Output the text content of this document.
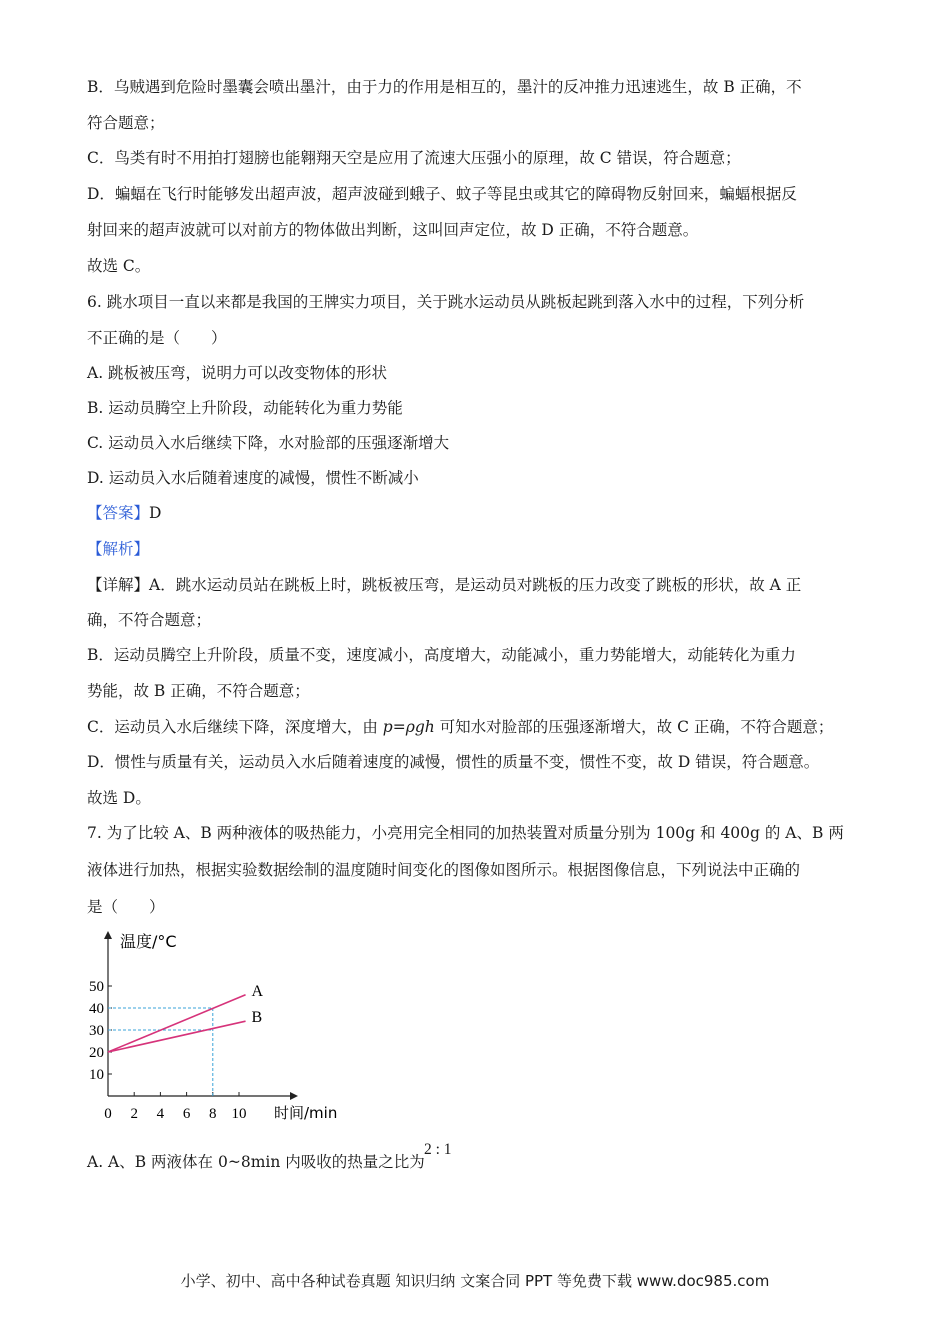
B．乌贼遇到危险时墨囊会喷出墨汁，由于力的作用是相互的，墨汁的反冲推力迅速逃生，故 B 正确，不
符合题意；
C．鸟类有时不用拍打翅膀也能翱翔天空是应用了流速大压强小的原理，故 C 错误，符合题意；
D．蝙蝠在飞行时能够发出超声波，超声波碰到蛾子、蚊子等昆虫或其它的障碍物反射回来，蝙蝠根据反
射回来的超声波就可以对前方的物体做出判断，这叫回声定位，故 D 正确，不符合题意。
故选 C。
6. 跳水项目一直以来都是我国的王牌实力项目，关于跳水运动员从跳板起跳到落入水中的过程，下列分析
不正确的是（　　）
A. 跳板被压弯，说明力可以改变物体的形状
B. 运动员腾空上升阶段，动能转化为重力势能
C. 运动员入水后继续下降，水对脸部的压强逐渐增大
D. 运动员入水后随着速度的减慢，惯性不断减小
【答案】D
【解析】
【详解】A．跳水运动员站在跳板上时，跳板被压弯，是运动员对跳板的压力改变了跳板的形状，故 A 正
确，不符合题意；
B．运动员腾空上升阶段，质量不变，速度减小，高度增大，动能减小，重力势能增大，动能转化为重力
势能，故 B 正确，不符合题意；
C．运动员入水后继续下降，深度增大，由 p=ρgh 可知水对脸部的压强逐渐增大，故 C 正确，不符合题意；
D．惯性与质量有关，运动员入水后随着速度的减慢，惯性的质量不变，惯性不变，故 D 错误，符合题意。
故选 D。
7. 为了比较 A、B 两种液体的吸热能力，小亮用完全相同的加热装置对质量分别为 100g 和 400g 的 A、B 两
液体进行加热，根据实验数据绘制的温度随时间变化的图像如图所示。根据图像信息，下列说法中正确的
是（　　）
10
20
30
40
50
0 2 4 6 8 10
温度/°C
时间/min
A
B
A. A、B 两液体在 0~8min 内吸收的热量之比为
2 : 1
小学、初中、高中各种试卷真题 知识归纳 文案合同 PPT 等免费下载 www.doc985.com
